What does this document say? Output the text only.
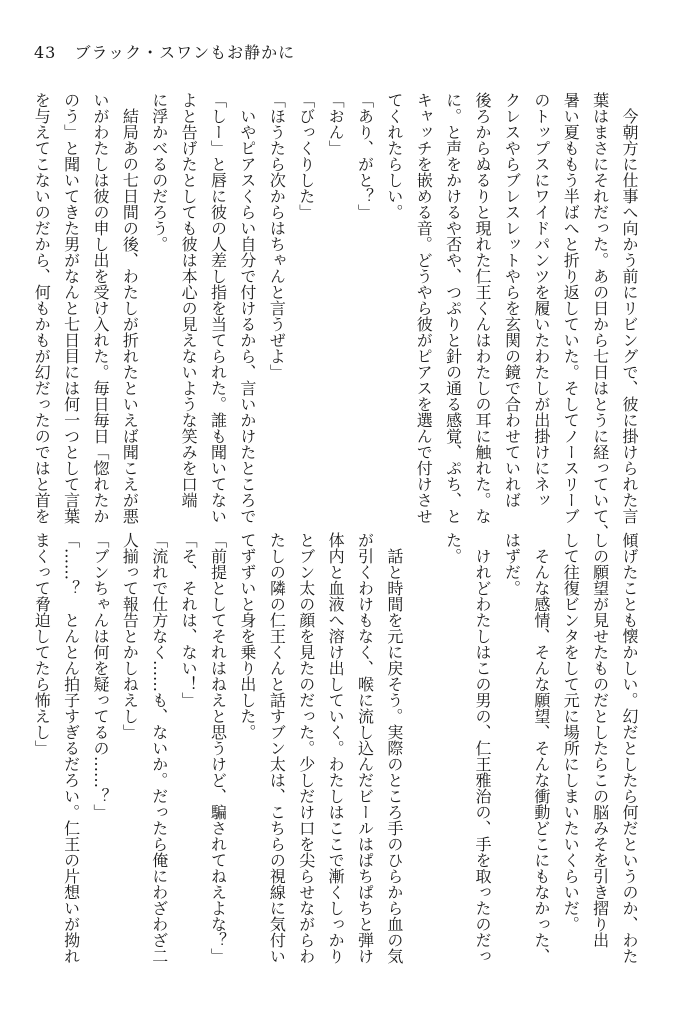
43 ブラック・スワンもお静かに
　今朝方に仕事へ向かう前にリビングで、彼に掛けられた言
葉はまさにそれだった。あの日から七日はとうに経っていて、
暑い夏ももう半ばへと折り返していた。そしてノースリーブ
のトップスにワイドパンツを履いたわたしが出掛けにネッ
クレスやらブレスレットやらを玄関の鏡で合わせていれば
後ろからぬるりと現れた仁王くんはわたしの耳に触れた。な
に。と声をかけるや否や、つぷりと針の通る感覚、ぷち、と
キャッチを嵌める音。どうやら彼がピアスを選んで付けさせ
てくれたらしい。
「あり、がと？」
「おん」
「びっくりした」
「ほうたら次からはちゃんと言うぜよ」
　いやピアスくらい自分で付けるから、言いかけたところで
「しー」と唇に彼の人差し指を当てられた。誰も聞いてない
よと告げたとしても彼は本心の見えないような笑みを口端
に浮かべるのだろう。
　結局あの七日間の後、わたしが折れたといえば聞こえが悪
いがわたしは彼の申し出を受け入れた。毎日毎日「惚れたか
のう」と聞いてきた男がなんと七日目には何一つとして言葉
を与えてこないのだから、何もかもが幻だったのではと首を
傾げたことも懐かしい。幻だとしたら何だというのか、わた
しの願望が見せたものだとしたらこの脳みそを引き摺り出
して往復ビンタをして元に場所にしまいたいくらいだ。
　そんな感情、そんな願望、そんな衝動どこにもなかった、
はずだ。
　けれどわたしはこの男の、仁王雅治の、手を取ったのだっ
た。
　話と時間を元に戻そう。実際のところ手のひらから血の気
が引くわけもなく、喉に流し込んだビールはぱちぱちと弾け
体内と血液へ溶け出していく。わたしはここで漸くしっかり
とブン太の顔を見たのだった。少しだけ口を尖らせながらわ
たしの隣の仁王くんと話すブン太は、こちらの視線に気付い
てずずいと身を乗り出した。
「前提としてそれはねえと思うけど、騙されてねえよな？」
「そ、それは、ない！」
「流れで仕方なく……も、ないか。だったら俺にわざわざ二
人揃って報告とかしねえし」
「ブンちゃんは何を疑ってるの……？」
「……？　とんとん拍子すぎるだろい。仁王の片想いが拗れ
まくって脅迫してたら怖えし」
